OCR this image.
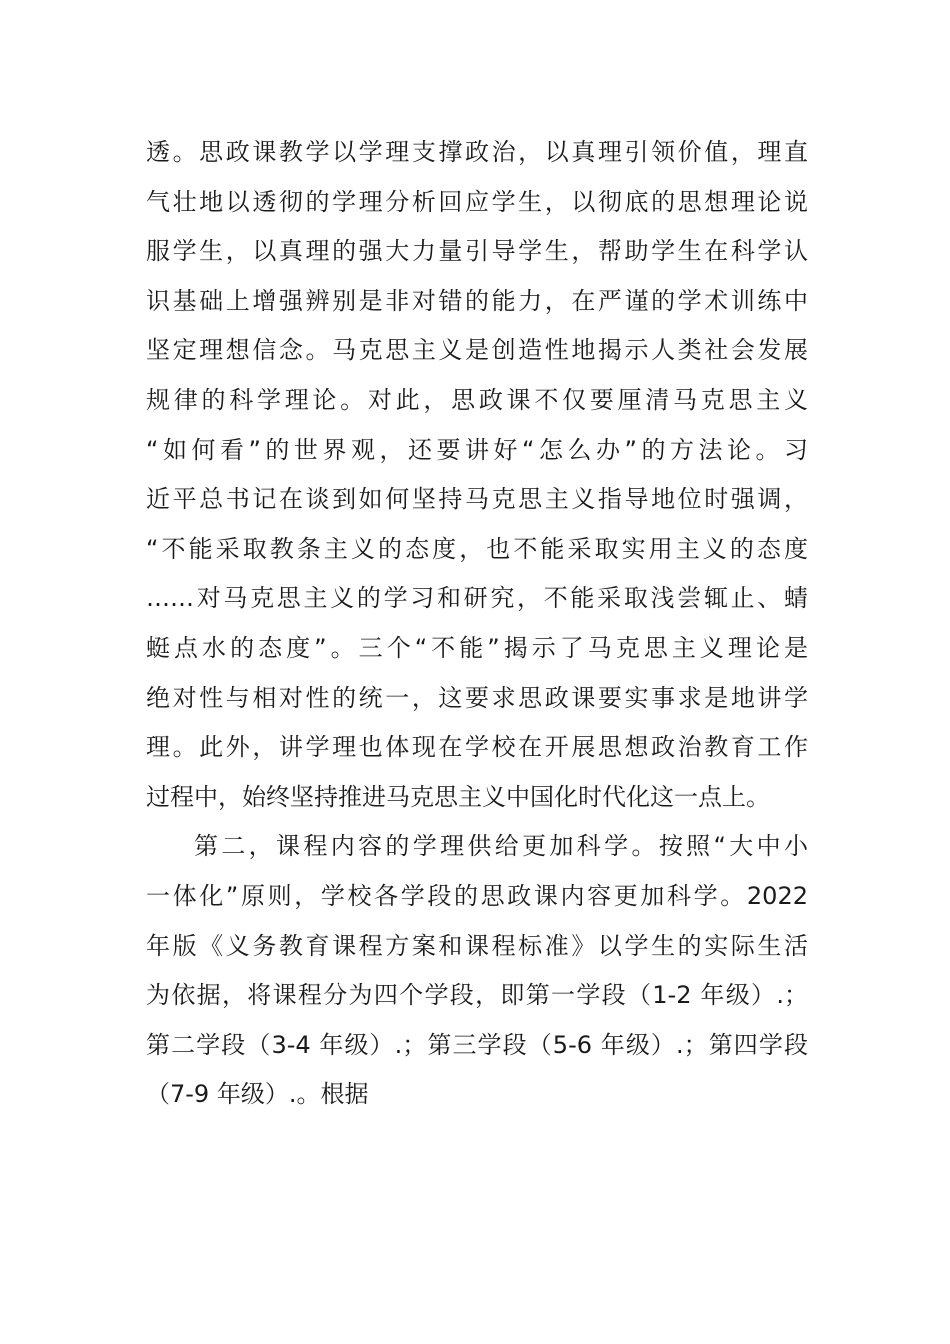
透。思政课教学以学理支撑政治，以真理引领价值，理直
气壮地以透彻的学理分析回应学生，以彻底的思想理论说
服学生，以真理的强大力量引导学生，帮助学生在科学认
识基础上增强辨别是非对错的能力，在严谨的学术训练中
坚定理想信念。马克思主义是创造性地揭示人类社会发展
规律的科学理论。对此，思政课不仅要厘清马克思主义
“如何看”的世界观，还要讲好“怎么办”的方法论。习
近平总书记在谈到如何坚持马克思主义指导地位时强调，
“不能采取教条主义的态度，也不能采取实用主义的态度
……对马克思主义的学习和研究，不能采取浅尝辄止、蜻
蜓点水的态度”。三个“不能”揭示了马克思主义理论是
绝对性与相对性的统一，这要求思政课要实事求是地讲学
理。此外，讲学理也体现在学校在开展思想政治教育工作
过程中，始终坚持推进马克思主义中国化时代化这一点上。
第二，课程内容的学理供给更加科学。按照“大中小
一体化”原则，学校各学段的思政课内容更加科学。2022
年版《义务教育课程方案和课程标准》以学生的实际生活
为依据，将课程分为四个学段，即第一学段（1-2 年级）.；
第二学段（3-4 年级）.；第三学段（5-6 年级）.；第四学段
（7-9 年级）.。根据
